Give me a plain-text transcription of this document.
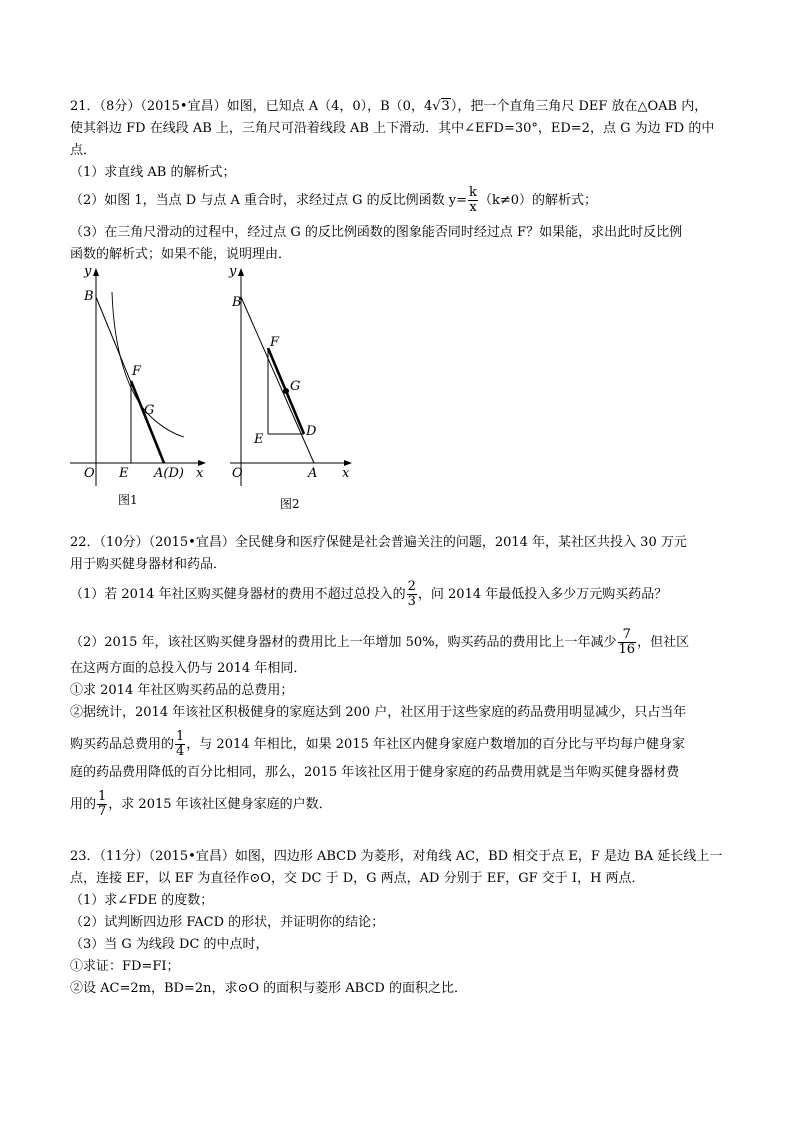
21．（8分）（2015•宜昌）如图，已知点 A（4，0），B（0，4√3），把一个直角三角尺 DEF 放在△OAB 内，
使其斜边 FD 在线段 AB 上，三角尺可沿着线段 AB 上下滑动．其中∠EFD=30°，ED=2，点 G 为边 FD 的中
点．
（1）求直线 AB 的解析式；
（2）如图 1，当点 D 与点 A 重合时，求经过点 G 的反比例函数 $y= \frac{k}{x} (k\ne 0)$的解析式；
（3）在三角尺滑动的过程中，经过点 G 的反比例函数的图象能否同时经过点 F？如果能，求出此时反比例
函数的解析式；如果不能，说明理由．
y
B
F
G
O E A(D) x
图1
y
B
F
G
E
D
O	A x
图2
22．（10分）（2015•宜昌）全民健身和医疗保健是社会普遍关注的问题，2014 年，某社区共投入 30 万元
用于购买健身器材和药品．
（1）若 2014 年社区购买健身器材的费用不超过总投入的 $\frac{2}{3}$ ，问 2014 年最低投入多少万元购买药品？
（2）2015 年，该社区购买健身器材的费用比上一年增加 50%，购买药品的费用比上一年减少 $\frac{7}{16}$ ，但社区
在这两方面的总投入仍与 2014 年相同．
①求 2014 年社区购买药品的总费用；
②据统计，2014 年该社区积极健身的家庭达到 200 户，社区用于这些家庭的药品费用明显减少，只占当年
购买药品总费用的 $\frac{1}{4}$ ，与 2014 年相比，如果 2015 年社区内健身家庭户数增加的百分比与平均每户健身家
庭的药品费用降低的百分比相同，那么，2015 年该社区用于健身家庭的药品费用就是当年购买健身器材费
用的 $\frac{1}{7}$ ，求 2015 年该社区健身家庭的户数．
23．（11分）（2015•宜昌）如图，四边形 ABCD 为菱形，对角线 AC，BD 相交于点 E，F 是边 BA 延长线上一
点，连接 EF，以 EF 为直径作⊙O，交 DC 于 D，G 两点，AD 分别于 EF，GF 交于 I，H 两点．
（1）求∠FDE 的度数；
（2）试判断四边形 FACD 的形状，并证明你的结论；
（3）当 G 为线段 DC 的中点时，
①求证：FD=FI；
②设 AC=2m，BD=2n，求⊙O 的面积与菱形 ABCD 的面积之比．
